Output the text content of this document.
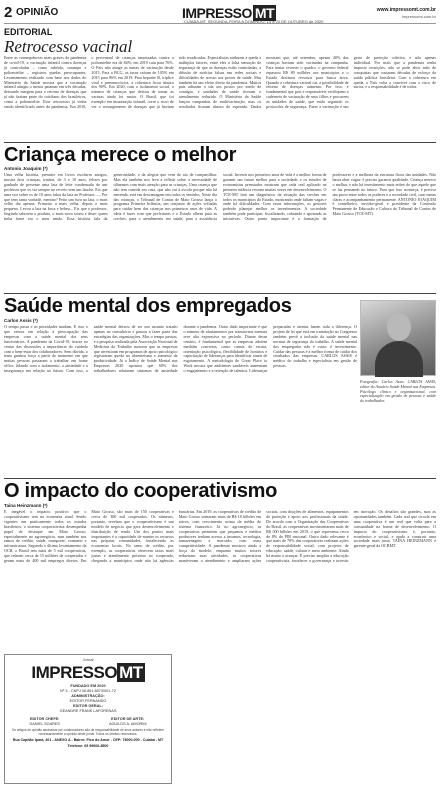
2 OPINIÃO	IMPRESSO MT
CUIABÁ-MT, SEGUNDA-FEIRA A DOMINGO, 14 a 20 DE OUTUBRO de 2020
www.impressomt.com.br
impressomt.com.br
EDITORIAL
Retrocesso vacinal
Entre as consequências mais graves da pandemia de covid-19, a vacinação infantil contra doenças já controladas – como rubéola, sarampo e poliomielite – registrou quedas preocupantes. Levantamento realizado com base nos dados do Ministério da Saúde mostra que a vacinação infantil atingiu o menor patamar em três décadas, deixando margem para o retorno de doenças que já não faziam parte do cotidiano dos brasileiros, como a poliomielite. Esse retrocesso já vinha sendo identificado antes da pandemia. Em 2016, o percentual de crianças imunizadas contra a poliomielite era de 84%; em 2019 caiu para 76%. O País não atinge as metas de vacinação desde 2015. Para a BCG, as taxas caíram de 105% em 2015 para 86% em 2019. Para hepatite B, tríplice viral e pneumocócica, a cobertura ficou abaixo dos 90%. Em 2020, com o isolamento social, o número de crianças que deixou de tomar as vacinas ainda foi maior. O Brasil, que foi exemplo em imunização infantil, corre o risco de ver o ressurgimento de doenças que já haviam sido erradicadas. Especialistas atribuem a queda a múltiplos fatores, entre eles a falsa sensação de segurança de que as doenças estão controladas, a difusão de notícias falsas nas redes sociais e dificuldades de acesso aos postos de saúde. Mas também há um efeito direto da pandemia. Muitos pais adiaram a ida aos postos por medo de contágio, e unidades de saúde tiveram o atendimento reduzido. O Ministério da Saúde lançou campanhas de multivacinação, mas os resultados ficaram abaixo do esperado. Dados mostram que, até setembro, apenas 40% das crianças haviam sido vacinadas na campanha. Para tentar reverter o quadro, o governo federal repassou R$ 80 milhões aos municípios e o Estado destinou recursos para busca ativa. Quando a cobertura vacinal cai, a possibilidade de retorno de doenças aumenta. Por isso, é fundamental que pais e responsáveis verifiquem a caderneta de vacinação de seus filhos e procurem as unidades de saúde, que estão seguindo os protocolos de segurança. Fazer a vacinação é um gesto de proteção coletiva, e não apenas individual. Por mais que a pandemia tenha imposto restrições, não se pode abrir mão de conquistas que custaram décadas de esforço da saúde pública brasileira. Com a cobertura em queda, o País volta a conviver com o risco de surtos, e a responsabilidade é de todos.
Criança merece o melhor
Antonio Joaquim (*)
Uma velha história, presente em livros escolares antigos, mostra dois crianças, irmãos, de 3 e 10 anos, felizes por ganhado de presente uma lata de leite condensado de um professor que os via sempre no recreio sem um lanche. Eis que uma voz sobre os de 10 anos falou da lata ao Professor. — Por que tens tanta vontade, menino? Feito um furo na lata, o mais velho diz apenas: Primeiro a mais velha, depois o mais pequeno. Levou a lata na boca e bebeu... Eis que o professor, fingindo saborear o produto, o mais novo sorriu e disse: quem tinha fome era o meu irmão. Essa história fala da generosidade, e da alegria que vem do ato de compartilhar. Mas ela também nos leva a refletir sobre a necessidade de olharmos com mais atenção para as crianças. Uma criança que não tem comida em casa, que não vai à escola porque não há merenda, está em desvantagem em todos os sentidos. Neste dia das crianças, o Tribunal de Contas de Mato Grosso lança o programa Primeira Infância, um conjunto de ações voltadas para cuidar bem das crianças nos primeiros anos de vida. A ideia é fazer com que prefeituras e o Estado olhem para as creches, para o atendimento em saúde, para a assistência social. Investir nos primeiros anos de vida é a melhor forma de garantir um futuro melhor para a sociedade, e os estudos de economistas premiados mostram que cada real aplicado na primeira infância retorna muitas vezes em desenvolvimento. O TCE-MT fará um diagnóstico da situação das creches em todos os municípios do Estado, mostrando onde faltam vagas e onde há dificuldades. Com essas informações, os gestores poderão planejar melhor os investimentos. A sociedade também pode participar, fiscalizando, cobrando e apoiando as iniciativas. Outro ponto importante é a formação de professores e a melhoria da estrutura física das unidades. Não basta abrir vagas: é preciso garantir qualidade. Criança merece o melhor, e não há investimento mais nobre do que aquele que se faz pensando no futuro. Para que isso aconteça, é preciso um pacto entre todos os poderes e a sociedade civil, com metas claras e acompanhamento permanente. ANTONIO JOAQUIM é conselheiro, ouvidor-geral e presidente da Comissão Permanente de Educação e Cultura do Tribunal de Contas de Mato Grosso (TCE-MT).
Saúde mental dos empregados
Carlos Assis (*)
O tempo passa e as prioridades mudam. E isso o que vemos em relação à preocupação das empresas com a saúde mental dos seus funcionários. A pandemia da Covid-19, trouxe ao centro das discussões a importância do cuidado com o bem-estar dos colaboradores. Sem dúvida, o tema ganhou força a partir do momento em que muitas pessoas passaram a trabalhar em home office, lidando com o isolamento, a ansiedade e a insegurança em relação ao futuro. Com isso, a saúde mental deixou de ser um assunto tratado apenas no consultório e passou a fazer parte das estratégias das organizações. Mas o tempo passou, e a pesquisa realizada pela Associação Nacional de Medicina do Trabalho mostrou que as empresas que investiram em programas de apoio psicológico registraram queda no absenteísmo e aumento da produtividade. Já o Índice de Saúde Mental nas Empresas 2020 apontou que 60% dos trabalhadores relataram sintomas de ansiedade durante a pandemia. Outro dado importante é que o número de afastamentos por transtornos mentais teve alta expressiva no período. Diante desse cenário, é fundamental que as empresas adotem medidas concretas, como canais de escuta, orientação psicológica, flexibilidade de horários e capacitação de lideranças para identificar sinais de esgotamento. A metodologia do Great Place to Work mostra que ambientes saudáveis aumentam o engajamento e a retenção de talentos. Lideranças preparadas e atentas fazem toda a diferença. O projeto de lei que está em tramitação no Congresso também prevê a inclusão da saúde mental nas normas de segurança do trabalho. A saúde mental dos empregados não é custo: é investimento. Cuidar das pessoas é a melhor forma de cuidar dos resultados das empresas. CARLOS ASSIS é médico do trabalho e especialista em gestão de pessoas.
Fotografia: Carlos Assis. CARLOS ASSIS, editor do Anuário Saúde Mental nas Empresas. Psicólogo clínico e organizacional, com especialização em gestão de pessoas e saúde do trabalhador.
O impacto do cooperativismo
Taina Heinzmann (*)
É inegável o impacto positivo que o cooperativismo tem na economia atual. Sendo vigentes em praticamente todos os estados brasileiros, o sistema cooperativista desempenha papel de destaque em Mato Grosso, especialmente no agronegócio, mas também nos ramos de crédito, saúde, transporte, consumo e infraestrutura. Segundo o último levantamento da OCB, o Brasil tem mais de 5 mil cooperativas, que reúnem cerca de 15 milhões de cooperados e geram mais de 400 mil empregos diretos. Em Mato Grosso, são mais de 150 cooperativas e cerca de 300 mil cooperados. Os números, portanto, revelam que o cooperativismo é um modelo de negócio que gera desenvolvimento e distribuição de renda. Um dos pontos mais importantes é a capacidade de manter os recursos nas próprias comunidades, fortalecendo as economias locais. No ramo de crédito, por exemplo, as cooperativas oferecem taxas mais justas e atendimento próximo ao cooperado, chegando a municípios onde não há agências bancárias. Em 2019, as cooperativas de crédito de Mato Grosso somaram mais de R$ 10 bilhões em ativos, com crescimento acima da média do sistema financeiro. Já no agronegócio, as cooperativas permitem que pequenos e médios produtores tenham acesso a insumos, tecnologia, armazenagem e mercado, com mais competitividade. A pandemia mostrou ainda a força do modelo: enquanto muitos setores reduziram suas atividades, as cooperativas mantiveram o atendimento e ampliaram ações sociais, com doações de alimentos, equipamentos de proteção e apoio aos profissionais da saúde. De acordo com a Organização das Cooperativas do Brasil, as cooperativas movimentaram mais de R$ 500 bilhões em 2019, o que representa cerca de 8% do PIB nacional. Outro dado relevante é que mais de 70% das cooperativas realizam ações de responsabilidade social, com projetos de educação, saúde, cultura e meio ambiente. Ainda há muito a avançar. É preciso ampliar a educação cooperativista, fortalecer a governança e investir em inovação. Os desafios são grandes, mas as oportunidades também. Cada real que circula em uma cooperativa é um real que volta para a comunidade na forma de desenvolvimento. O impacto do cooperativismo é, portanto, econômico e social, e ajuda a construir uma sociedade mais justa. TAÍNA HEINZMANN é gerente-geral da OCBMT.
Jornal
IMPRESSO MT
FUNDADO EM 2020
Nº 3 - CNPJ 08.861.857/0001-72
ADMINISTRAÇÃO:
EDITOR FERNANDO
EDITOR GERAL:
GEANDRE FRANK LAFORENAS
EDITOR CHEFE:
DANIEL SOARES
EDITOR DE ARTE:
AGUILDS A. AMORIM
Os artigos de opinião assinados por colaboradores são de responsabilidade de seus autores e não refletem necessariamente a opinião deste jornal. Todos os direitos reservados.
Rua Capitão Ipará, 401 - ANEXO A - Bairro: Pico do Amor - CEP: 78000-000 - Cuiabá - MT
Telefone: 65 99606-8500
